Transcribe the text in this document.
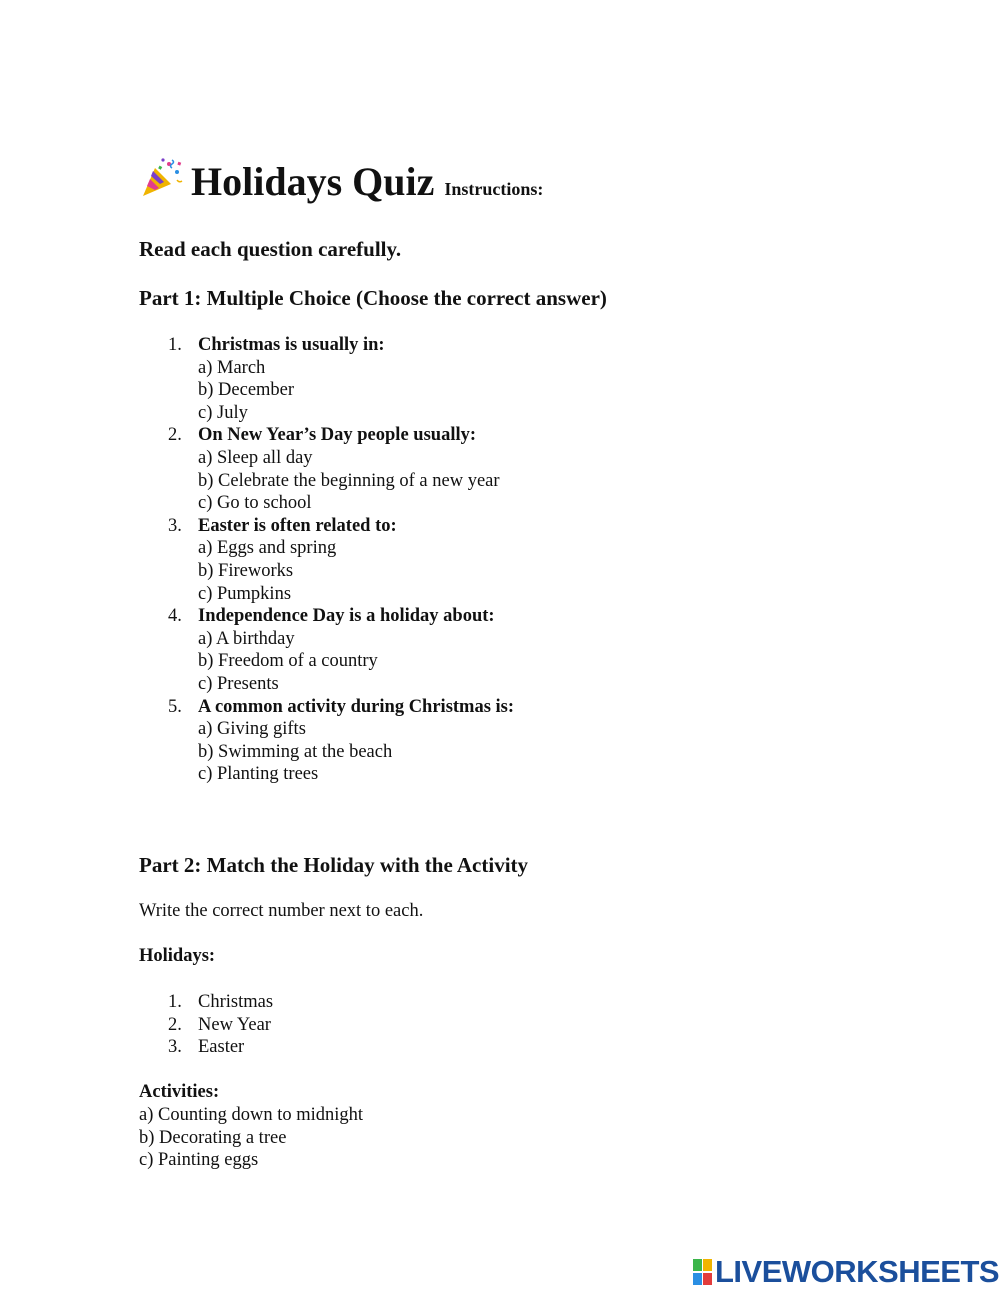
Holidays Quiz Instructions:
Read each question carefully.
Part 1: Multiple Choice (Choose the correct answer)
1. Christmas is usually in:
a) March
b) December
c) July
2. On New Year’s Day people usually:
a) Sleep all day
b) Celebrate the beginning of a new year
c) Go to school
3. Easter is often related to:
a) Eggs and spring
b) Fireworks
c) Pumpkins
4. Independence Day is a holiday about:
a) A birthday
b) Freedom of a country
c) Presents
5. A common activity during Christmas is:
a) Giving gifts
b) Swimming at the beach
c) Planting trees
Part 2: Match the Holiday with the Activity
Write the correct number next to each.
Holidays:
1. Christmas
2. New Year
3. Easter
Activities:
a) Counting down to midnight
b) Decorating a tree
c) Painting eggs
LIVEWORKSHEETS
